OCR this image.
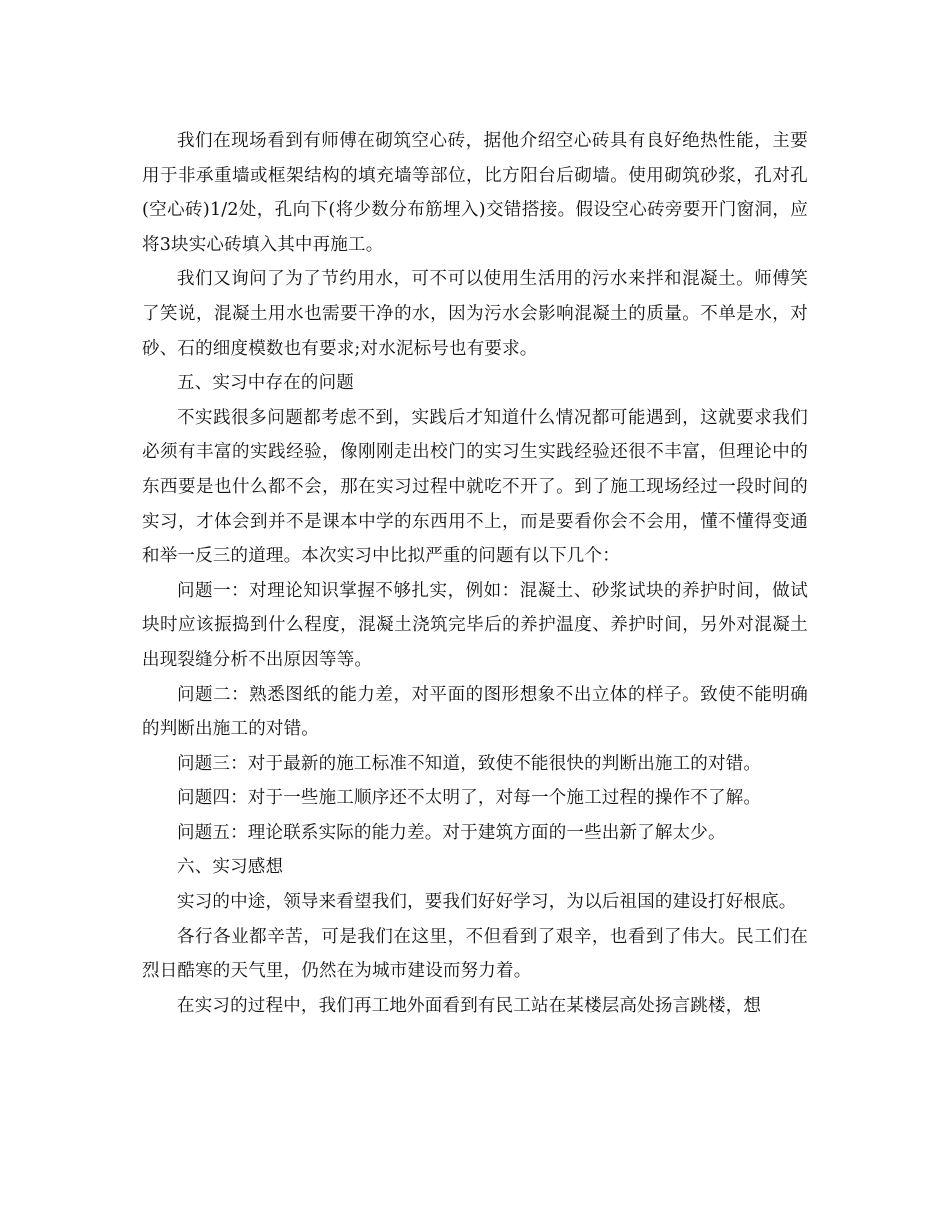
我们在现场看到有师傅在砌筑空心砖，据他介绍空心砖具有良好绝热性能，主要用于非承重墙或框架结构的填充墙等部位，比方阳台后砌墙。使用砌筑砂浆，孔对孔(空心砖)1/2处，孔向下(将少数分布筋埋入)交错搭接。假设空心砖旁要开门窗洞，应将3块实心砖填入其中再施工。

我们又询问了为了节约用水，可不可以使用生活用的污水来拌和混凝土。师傅笑了笑说，混凝土用水也需要干净的水，因为污水会影响混凝土的质量。不单是水，对砂、石的细度模数也有要求;对水泥标号也有要求。

五、实习中存在的问题

不实践很多问题都考虑不到，实践后才知道什么情况都可能遇到，这就要求我们必须有丰富的实践经验，像刚刚走出校门的实习生实践经验还很不丰富，但理论中的东西要是也什么都不会，那在实习过程中就吃不开了。到了施工现场经过一段时间的实习，才体会到并不是课本中学的东西用不上，而是要看你会不会用，懂不懂得变通和举一反三的道理。本次实习中比拟严重的问题有以下几个：

问题一：对理论知识掌握不够扎实，例如：混凝土、砂浆试块的养护时间，做试块时应该振捣到什么程度，混凝土浇筑完毕后的养护温度、养护时间，另外对混凝土出现裂缝分析不出原因等等。

问题二：熟悉图纸的能力差，对平面的图形想象不出立体的样子。致使不能明确的判断出施工的对错。

问题三：对于最新的施工标准不知道，致使不能很快的判断出施工的对错。

问题四：对于一些施工顺序还不太明了，对每一个施工过程的操作不了解。

问题五：理论联系实际的能力差。对于建筑方面的一些出新了解太少。

六、实习感想

实习的中途，领导来看望我们，要我们好好学习，为以后祖国的建设打好根底。

各行各业都辛苦，可是我们在这里，不但看到了艰辛，也看到了伟大。民工们在烈日酷寒的天气里，仍然在为城市建设而努力着。

在实习的过程中，我们再工地外面看到有民工站在某楼层高处扬言跳楼，想
